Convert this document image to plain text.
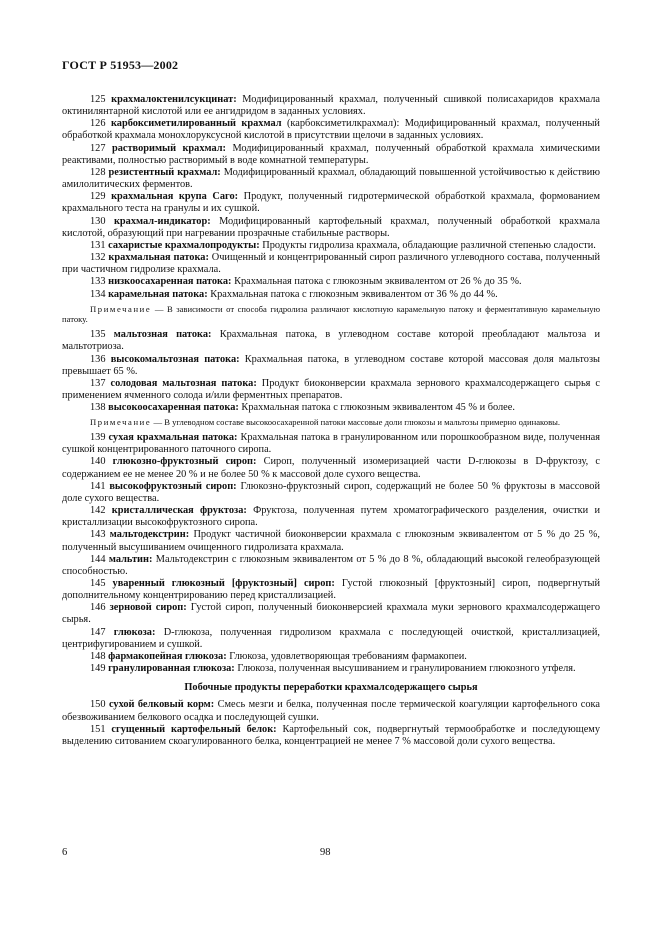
ГОСТ Р 51953—2002

125 крахмалоктенилсукцинат: Модифицированный крахмал, полученный сшивкой полисахаридов крахмала октинилянтарной кислотой или ее ангидридом в заданных условиях.

126 карбоксиметилированный крахмал (карбоксиметилкрахмал): Модифицированный крахмал, полученный обработкой крахмала монохлоруксусной кислотой в присутствии щелочи в заданных условиях.

127 растворимый крахмал: Модифицированный крахмал, полученный обработкой крахмала химическими реактивами, полностью растворимый в воде комнатной температуры.

128 резистентный крахмал: Модифицированный крахмал, обладающий повышенной устойчивостью к действию амилолитических ферментов.

129 крахмальная крупа Саго: Продукт, полученный гидротермической обработкой крахмала, формованием крахмального теста на гранулы и их сушкой.

130 крахмал-индикатор: Модифицированный картофельный крахмал, полученный обработкой крахмала кислотой, образующий при нагревании прозрачные стабильные растворы.

131 сахаристые крахмалопродукты: Продукты гидролиза крахмала, обладающие различной степенью сладости.

132 крахмальная патока: Очищенный и концентрированный сироп различного углеводного состава, полученный при частичном гидролизе крахмала.

133 низкоосахаренная патока: Крахмальная патока с глюкозным эквивалентом от 26 % до 35 %.

134 карамельная патока: Крахмальная патока с глюкозным эквивалентом от 36 % до 44 %.

Примечание — В зависимости от способа гидролиза различают кислотную карамельную патоку и ферментативную карамельную патоку.

135 мальтозная патока: Крахмальная патока, в углеводном составе которой преобладают мальтоза и мальтотриоза.

136 высокомальтозная патока: Крахмальная патока, в углеводном составе которой массовая доля мальтозы превышает 65 %.

137 солодовая мальтозная патока: Продукт биоконверсии крахмала зернового крахмалсодержащего сырья с применением ячменного солода и/или ферментных препаратов.

138 высокоосахаренная патока: Крахмальная патока с глюкозным эквивалентом 45 % и более.

Примечание — В углеводном составе высокоосахаренной патоки массовые доли глюкозы и мальтозы примерно одинаковы.

139 сухая крахмальная патока: Крахмальная патока в гранулированном или порошкообразном виде, полученная сушкой концентрированного паточного сиропа.

140 глюкозно-фруктозный сироп: Сироп, полученный изомеризацией части D-глюкозы в D-фруктозу, с содержанием ее не менее 20 % и не более 50 % к массовой доле сухого вещества.

141 высокофруктозный сироп: Глюкозно-фруктозный сироп, содержащий не более 50 % фруктозы в массовой доле сухого вещества.

142 кристаллическая фруктоза: Фруктоза, полученная путем хроматографического разделения, очистки и кристаллизации высокофруктозного сиропа.

143 мальтодекстрин: Продукт частичной биоконверсии крахмала с глюкозным эквивалентом от 5 % до 25 %, полученный высушиванием очищенного гидролизата крахмала.

144 мальтин: Мальтодекстрин с глюкозным эквивалентом от 5 % до 8 %, обладающий высокой гелеобразующей способностью.

145 уваренный глюкозный [фруктозный] сироп: Густой глюкозный [фруктозный] сироп, подвергнутый дополнительному концентрированию перед кристаллизацией.

146 зерновой сироп: Густой сироп, полученный биоконверсией крахмала муки зернового крахмалсодержащего сырья.

147 глюкоза: D-глюкоза, полученная гидролизом крахмала с последующей очисткой, кристаллизацией, центрифугированием и сушкой.

148 фармакопейная глюкоза: Глюкоза, удовлетворяющая требованиям фармакопеи.

149 гранулированная глюкоза: Глюкоза, полученная высушиванием и гранулированием глюкозного утфеля.

Побочные продукты переработки крахмалсодержащего сырья

150 сухой белковый корм: Смесь мезги и белка, полученная после термической коагуляции картофельного сока обезвоживанием белкового осадка и последующей сушки.

151 сгущенный картофельный белок: Картофельный сок, подвергнутый термообработке и последующему выделению ситованием скоагулированного белка, концентрацией не менее 7 % массовой доли сухого вещества.

6	98
